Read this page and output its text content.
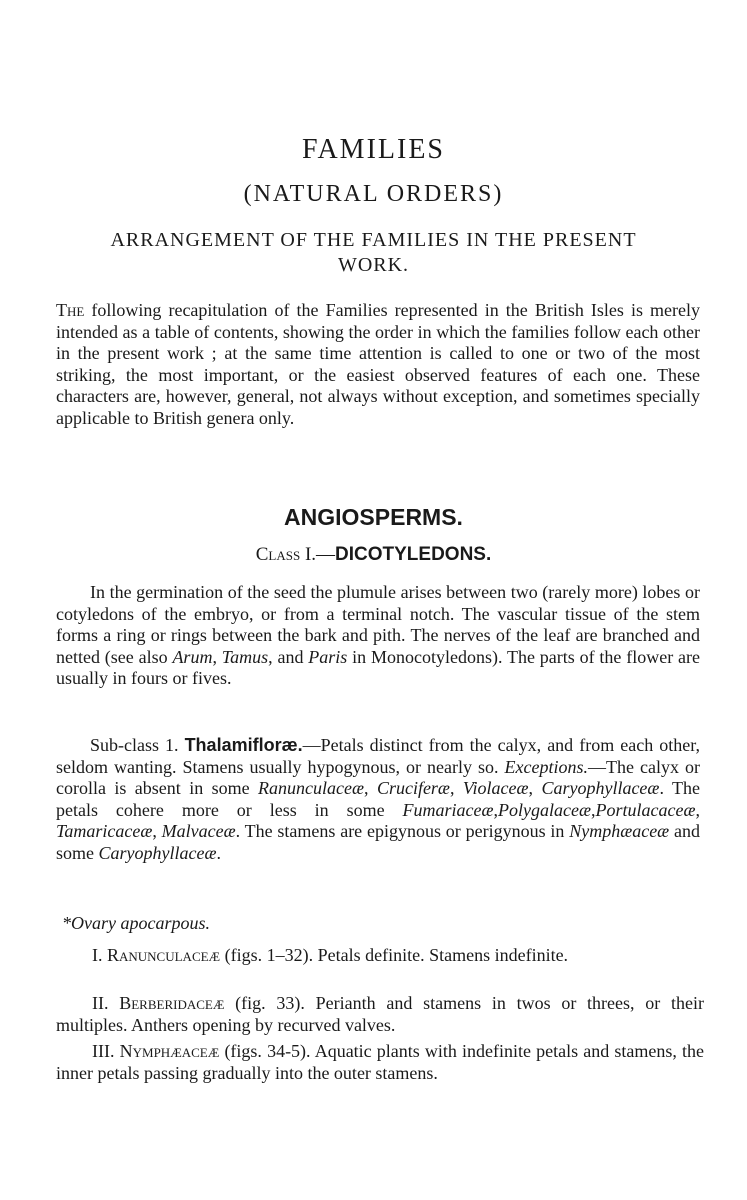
FAMILIES
(NATURAL ORDERS)
ARRANGEMENT OF THE FAMILIES IN THE PRESENT WORK.

The following recapitulation of the Families represented in the British Isles is merely intended as a table of contents, showing the order in which the families follow each other in the present work ; at the same time attention is called to one or two of the most striking, the most important, or the easiest observed features of each one. These characters are, however, general, not always without exception, and sometimes specially applicable to British genera only.

ANGIOSPERMS.
Class I.—DICOTYLEDONS.

In the germination of the seed the plumule arises between two (rarely more) lobes or cotyledons of the embryo, or from a terminal notch. The vascular tissue of the stem forms a ring or rings between the bark and pith. The nerves of the leaf are branched and netted (see also Arum, Tamus, and Paris in Monocotyledons). The parts of the flower are usually in fours or fives.

Sub-class 1. Thalamifloræ.—Petals distinct from the calyx, and from each other, seldom wanting. Stamens usually hypogynous, or nearly so. Exceptions.—The calyx or corolla is absent in some Ranunculaceæ, Cruciferæ, Violaceæ, Caryophyllaceæ. The petals cohere more or less in some Fumariaceæ,Polygalaceæ,Portulacaceæ, Tamaricaceæ, Malvaceæ. The stamens are epigynous or perigynous in Nymphæaceæ and some Caryophyllaceæ.

*Ovary apocarpous.

I. Ranunculaceæ (figs. 1–32). Petals definite. Stamens indefinite.

II. Berberidaceæ (fig. 33). Perianth and stamens in twos or threes, or their multiples. Anthers opening by recurved valves.

III. Nymphæaceæ (figs. 34-5). Aquatic plants with indefinite petals and stamens, the inner petals passing gradually into the outer stamens.
